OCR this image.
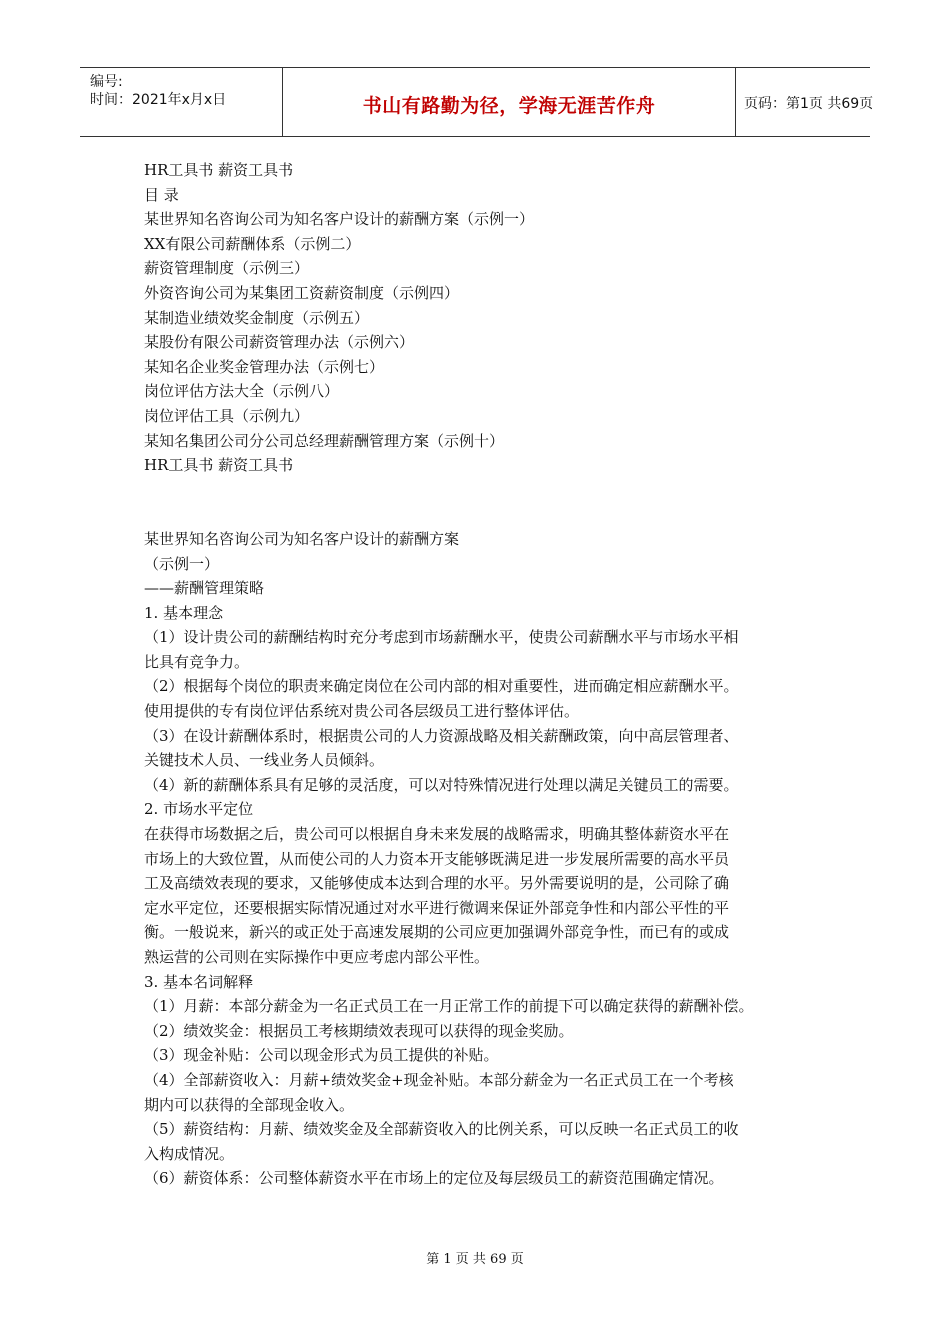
编号:
时间：2021年x月x日	书山有路勤为径，学海无涯苦作舟	页码：第1页 共69页

HR工具书 薪资工具书

目 录

某世界知名咨询公司为知名客户设计的薪酬方案（示例一）

XX有限公司薪酬体系（示例二）

薪资管理制度（示例三）

外资咨询公司为某集团工资薪资制度（示例四）

某制造业绩效奖金制度（示例五）

某股份有限公司薪资管理办法（示例六）

某知名企业奖金管理办法（示例七）

岗位评估方法大全（示例八）

岗位评估工具（示例九）

某知名集团公司分公司总经理薪酬管理方案（示例十）

HR工具书 薪资工具书

某世界知名咨询公司为知名客户设计的薪酬方案

（示例一）

——薪酬管理策略

1. 基本理念

（1）设计贵公司的薪酬结构时充分考虑到市场薪酬水平，使贵公司薪酬水平与市场水平相

比具有竞争力。

（2）根据每个岗位的职责来确定岗位在公司内部的相对重要性，进而确定相应薪酬水平。

使用提供的专有岗位评估系统对贵公司各层级员工进行整体评估。

（3）在设计薪酬体系时，根据贵公司的人力资源战略及相关薪酬政策，向中高层管理者、

关键技术人员、一线业务人员倾斜。

（4）新的薪酬体系具有足够的灵活度，可以对特殊情况进行处理以满足关键员工的需要。

2. 市场水平定位

在获得市场数据之后，贵公司可以根据自身未来发展的战略需求，明确其整体薪资水平在

市场上的大致位置，从而使公司的人力资本开支能够既满足进一步发展所需要的高水平员

工及高绩效表现的要求，又能够使成本达到合理的水平。另外需要说明的是，公司除了确

定水平定位，还要根据实际情况通过对水平进行微调来保证外部竞争性和内部公平性的平

衡。一般说来，新兴的或正处于高速发展期的公司应更加强调外部竞争性，而已有的或成

熟运营的公司则在实际操作中更应考虑内部公平性。

3. 基本名词解释

（1）月薪：本部分薪金为一名正式员工在一月正常工作的前提下可以确定获得的薪酬补偿。

（2）绩效奖金：根据员工考核期绩效表现可以获得的现金奖励。

（3）现金补贴：公司以现金形式为员工提供的补贴。

（4）全部薪资收入：月薪+绩效奖金+现金补贴。本部分薪金为一名正式员工在一个考核

期内可以获得的全部现金收入。

（5）薪资结构：月薪、绩效奖金及全部薪资收入的比例关系，可以反映一名正式员工的收

入构成情况。

（6）薪资体系：公司整体薪资水平在市场上的定位及每层级员工的薪资范围确定情况。

第 1 页 共 69 页
